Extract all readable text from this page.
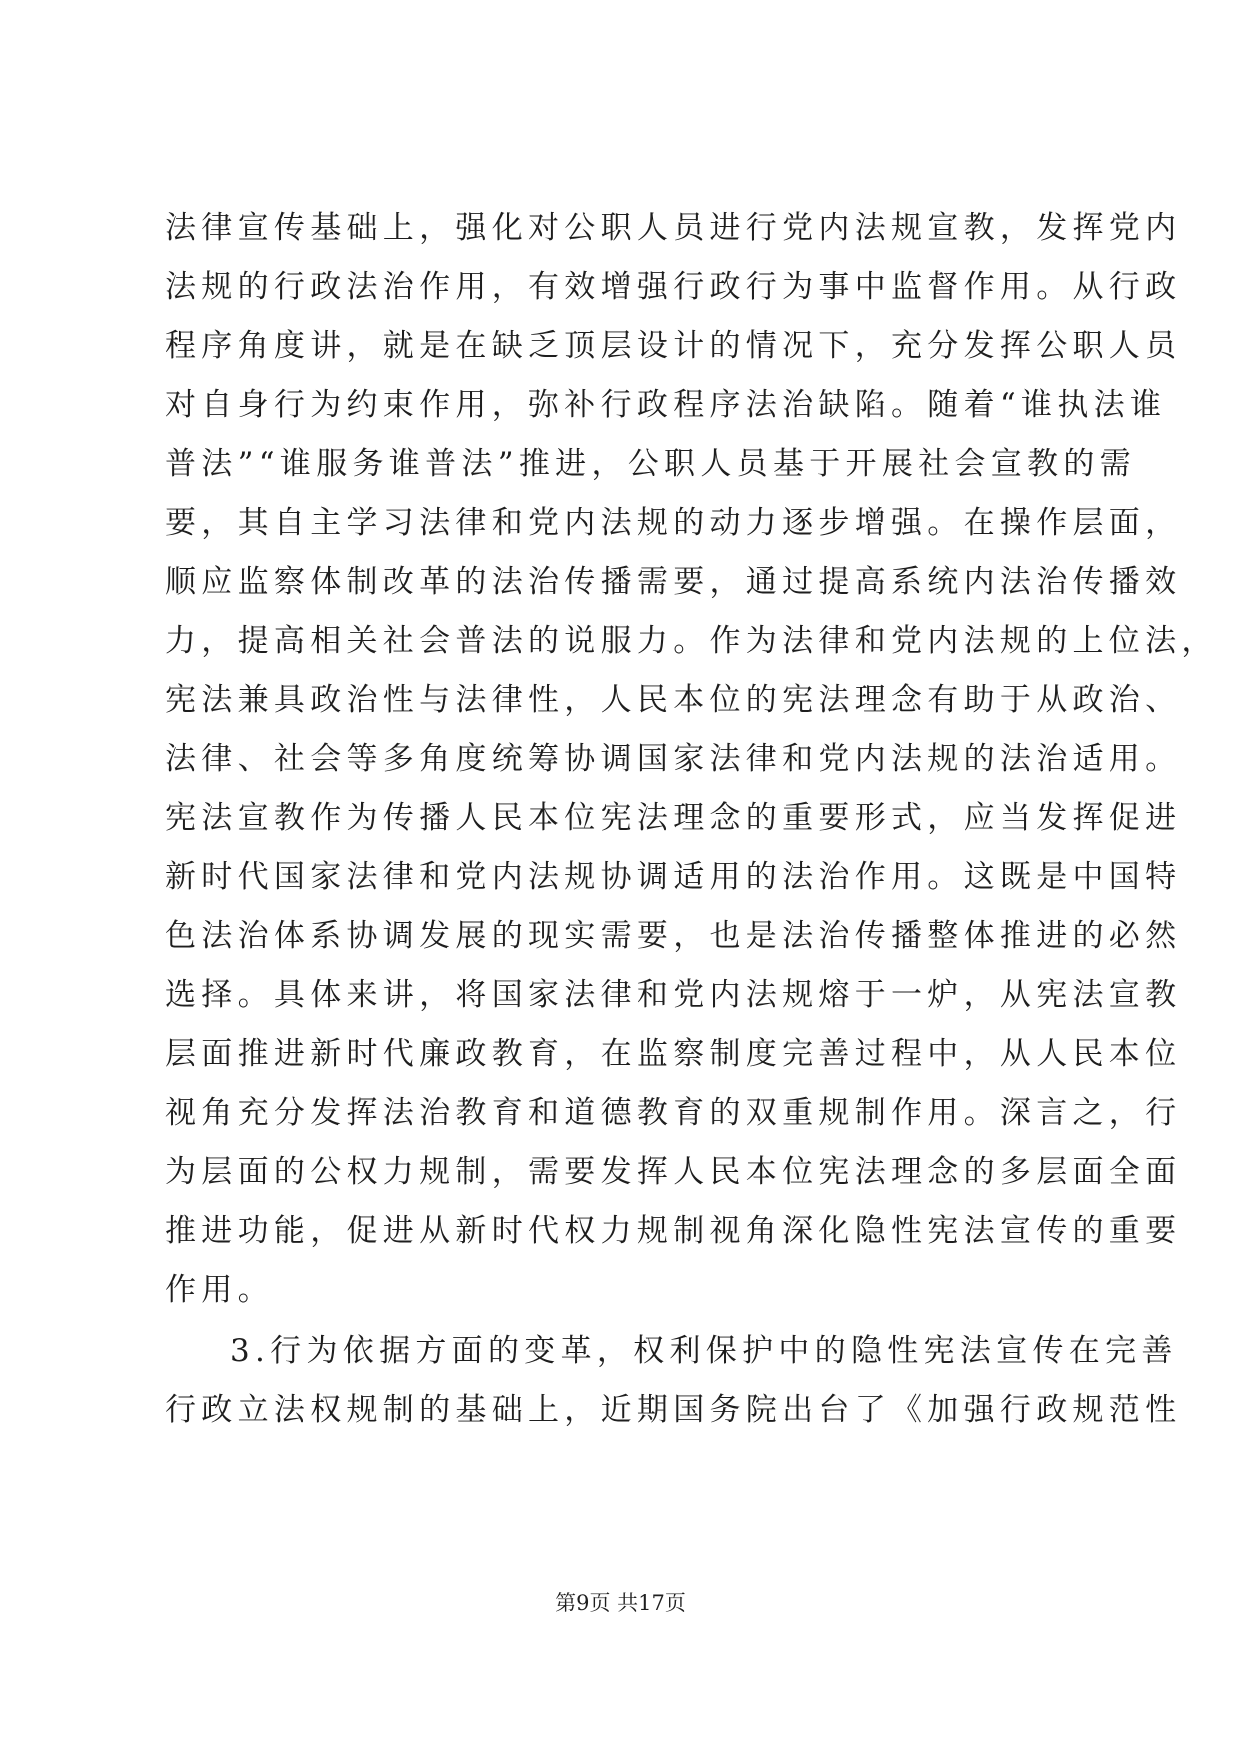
法律宣传基础上，强化对公职人员进行党内法规宣教，发挥党内
法规的行政法治作用，有效增强行政行为事中监督作用。从行政
程序角度讲，就是在缺乏顶层设计的情况下，充分发挥公职人员
对自身行为约束作用，弥补行政程序法治缺陷。随着“谁执法谁
普法”“谁服务谁普法”推进，公职人员基于开展社会宣教的需
要，其自主学习法律和党内法规的动力逐步增强。在操作层面，
顺应监察体制改革的法治传播需要，通过提高系统内法治传播效
力，提高相关社会普法的说服力。作为法律和党内法规的上位法，
宪法兼具政治性与法律性，人民本位的宪法理念有助于从政治、
法律、社会等多角度统筹协调国家法律和党内法规的法治适用。
宪法宣教作为传播人民本位宪法理念的重要形式，应当发挥促进
新时代国家法律和党内法规协调适用的法治作用。这既是中国特
色法治体系协调发展的现实需要，也是法治传播整体推进的必然
选择。具体来讲，将国家法律和党内法规熔于一炉，从宪法宣教
层面推进新时代廉政教育，在监察制度完善过程中，从人民本位
视角充分发挥法治教育和道德教育的双重规制作用。深言之，行
为层面的公权力规制，需要发挥人民本位宪法理念的多层面全面
推进功能，促进从新时代权力规制视角深化隐性宪法宣传的重要
作用。
3.行为依据方面的变革，权利保护中的隐性宪法宣传在完善
行政立法权规制的基础上，近期国务院出台了《加强行政规范性
第9页 共17页
